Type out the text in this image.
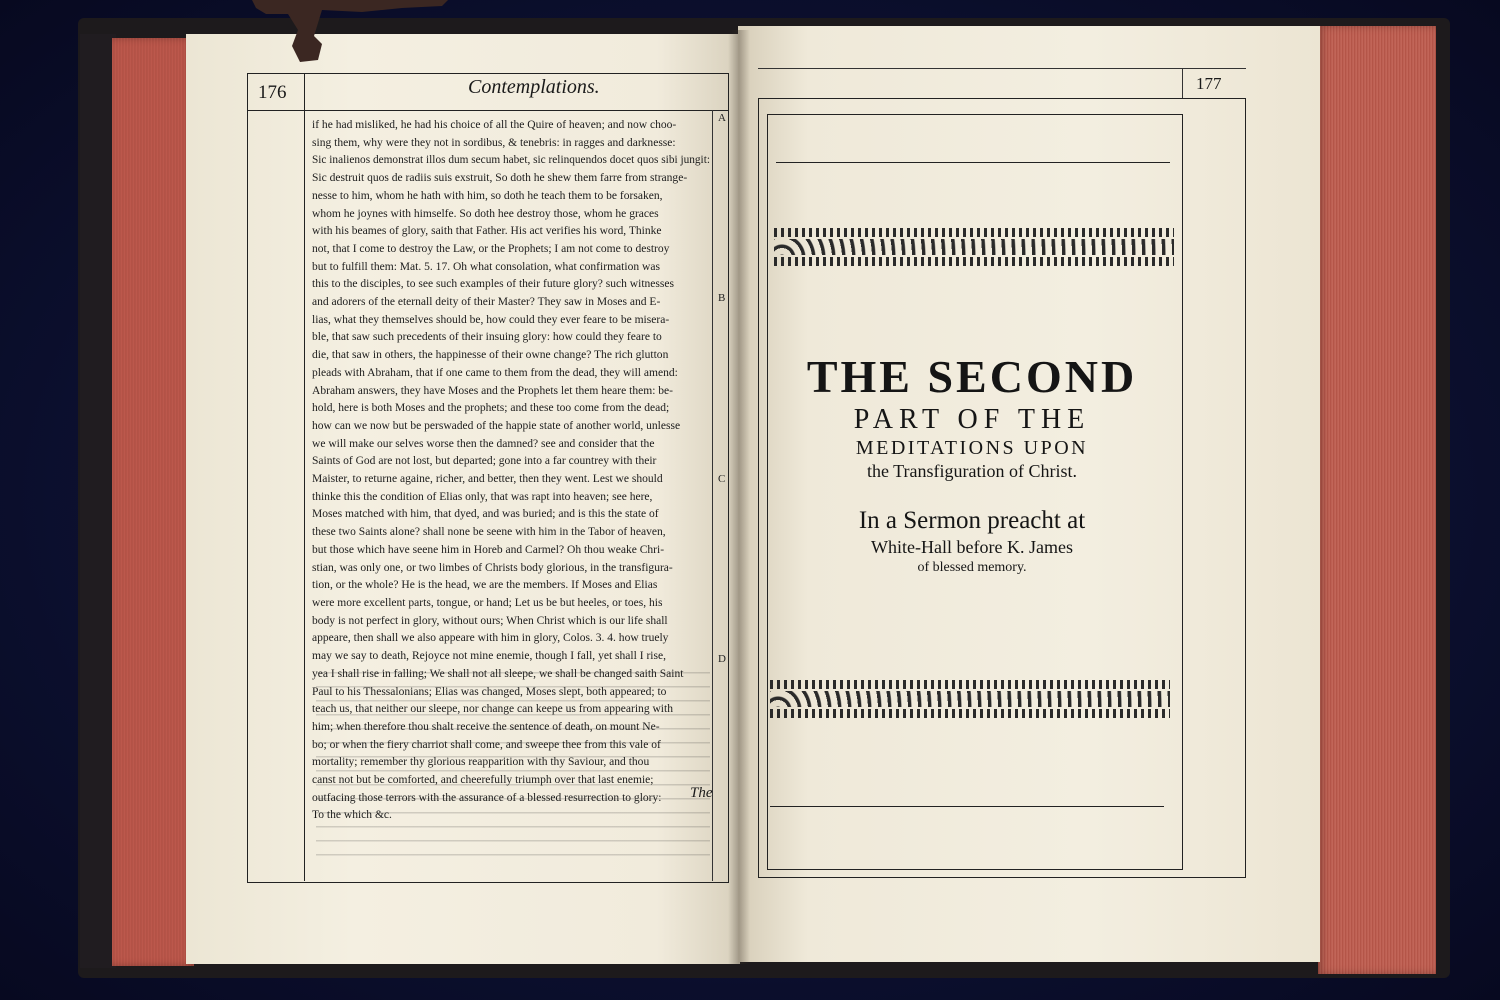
176	Contemplations.

if he had misliked, he had his choice of all the Quire of heaven; and now choo-

sing them, why were they not in sordibus, & tenebris: in ragges and darknesse:

Sic inalienos demonstrat illos dum secum habet, sic relinquendos docet quos sibi jungit:

Sic destruit quos de radiis suis exstruit, So doth he shew them farre from strange-

nesse to him, whom he hath with him, so doth he teach them to be forsaken,

whom he joynes with himselfe. So doth hee destroy those, whom he graces

with his beames of glory, saith that Father. His act verifies his word, Thinke

not, that I come to destroy the Law, or the Prophets; I am not come to destroy

but to fulfill them: Mat. 5. 17. Oh what consolation, what confirmation was

this to the disciples, to see such examples of their future glory? such witnesses

and adorers of the eternall deity of their Master? They saw in Moses and E-

lias, what they themselves should be, how could they ever feare to be misera-

ble, that saw such precedents of their insuing glory: how could they feare to

die, that saw in others, the happinesse of their owne change? The rich glutton

pleads with Abraham, that if one came to them from the dead, they will amend:

Abraham answers, they have Moses and the Prophets let them heare them: be-

hold, here is both Moses and the prophets; and these too come from the dead;

how can we now but be perswaded of the happie state of another world, unlesse

we will make our selves worse then the damned? see and consider that the

Saints of God are not lost, but departed; gone into a far countrey with their

Maister, to returne againe, richer, and better, then they went. Lest we should

thinke this the condition of Elias only, that was rapt into heaven; see here,

Moses matched with him, that dyed, and was buried; and is this the state of

these two Saints alone? shall none be seene with him in the Tabor of heaven,

but those which have seene him in Horeb and Carmel? Oh thou weake Chri-

stian, was only one, or two limbes of Christs body glorious, in the transfigura-

tion, or the whole? He is the head, we are the members. If Moses and Elias

were more excellent parts, tongue, or hand; Let us be but heeles, or toes, his

body is not perfect in glory, without ours; When Christ which is our life shall

appeare, then shall we also appeare with him in glory, Colos. 3. 4. how truely

may we say to death, Rejoyce not mine enemie, though I fall, yet shall I rise,

yea I shall rise in falling; We shall not all sleepe, we shall be changed saith Saint

Paul to his Thessalonians; Elias was changed, Moses slept, both appeared; to

teach us, that neither our sleepe, nor change can keepe us from appearing with

him; when therefore thou shalt receive the sentence of death, on mount Ne-

bo; or when the fiery charriot shall come, and sweepe thee from this vale of

mortality; remember thy glorious reapparition with thy Saviour, and thou

canst not but be comforted, and cheerefully triumph over that last enemie;

outfacing those terrors with the assurance of a blessed resurrection to glory:

To the which &c.

A
B
C
D
The
177
THE SECOND
PART OF THE
MEDITATIONS UPON
the Transfiguration of Christ.
In a Sermon preacht at
White-Hall before K. James
of blessed memory.
